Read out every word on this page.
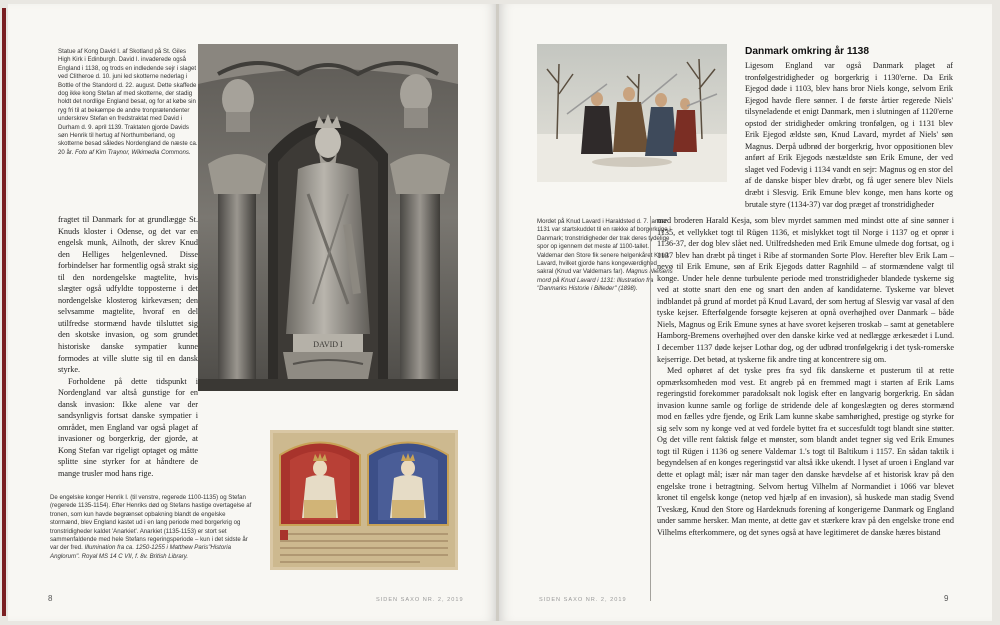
Statue af Kong David I. af Skotland på St. Giles High Kirk i Edinburgh. David I. invaderede også England i 1138, og trods en indledende sejr i slaget ved Clitheroe d. 10. juni led skotterne nederlag i Bottle of the Standord d. 22. august. Dette skaffede dog ikke kong Stefan af med skotterne, der stadig holdt det nordlige England besat, og for at købe sin ryg fri til at bekæmpe de andre tronprætendenter underskrev Stefan en fredstraktat med David i Durham d. 9. april 1139. Traktaten gjorde Davids søn Henrik til hertug af Northumberland, og skotterne besad således Nordengland de næste ca. 20 år. Foto af Kim Traynor, Wikimedia Commons.
DAVID I

fragtet til Danmark for at grundlægge St. Knuds kloster i Odense, og det var en engelsk munk, Ailnoth, der skrev Knud den Helliges helgenlevned. Disse forbindelser har formentlig også strakt sig til den nordengelske magtelite, hvis slægter også udfyldte topposterne i det nordengelske klosterog kirkevæsen; den selvsamme magtelite, hvoraf en del utilfredse stormænd havde tilsluttet sig den skotske invasion, og som grundet historiske danske sympatier kunne formodes at ville slutte sig til en dansk styrke.

Forholdene på dette tidspunkt i Nordengland var altså gunstige for en dansk invasion: Ikke alene var der sandsynligvis fortsat danske sympatier i området, men England var også plaget af invasioner og borgerkrig, der gjorde, at Kong Stefan var rigeligt optaget og måtte splitte sine styrker for at håndtere de mange trusler mod hans rige.

De engelske konger Henrik I. (til venstre, regerede 1100-1135) og Stefan (regerede 1135-1154). Efter Henriks død og Stefans hastige overtagelse af tronen, som kun havde begrænset opbakning blandt de engelske stormænd, blev England kastet ud i en lang periode med borgerkrig og tronstridigheder kaldet 'Anarkiet'. Anarkiet (1135-1153) er stort set sammenfaldende med hele Stefans regeringsperiode – kun i det sidste år var der fred. Illumination fra ca. 1250-1255 i Matthew Paris"Historia Anglorum". Royal MS 14 C VII, f. 8v. British Library.
8	SIDEN SAXO NR. 2, 2019
Danmark omkring år 1138

Ligesom England var også Danmark plaget af tronfølgestridigheder og borgerkrig i 1130'erne. Da Erik Ejegod døde i 1103, blev hans bror Niels konge, selvom Erik Ejegod havde flere sønner. I de første årtier regerede Niels' tilsyneladende et enigt Danmark, men i slutningen af 1120'erne opstod der stridigheder omkring tronfølgen, og i 1131 blev Erik Ejegod ældste søn, Knud Lavard, myrdet af Niels' søn Magnus. Derpå udbrød der borgerkrig, hvor oppositionen blev anført af Erik Ejegods næstældste søn Erik Emune, der ved slaget ved Fodevig i 1134 vandt en sejr: Magnus og en stor del af de danske bisper blev dræbt, og få uger senere blev Niels dræbt i Slesvig. Erik Emune blev konge, men hans korte og brutale styre (1134-37) var dog præget af tronstridigheder

Mordet på Knud Lavard i Haraldsted d. 7. januar 1131 var startskuddet til en række af borgerkrige i Danmark; tronstridigheder der trak deres tydelige spor op igennem det meste af 1100-tallet. Valdemar den Store fik senere helgenkåret Knud Lavard, hvilket gjorde hans kongeværdighed sakral (Knud var Valdemars far). Magnus Nielsens mord på Knud Lavard i 1131: Illustration fra "Danmarks Historie i Billeder" (1898).

med broderen Harald Kesja, som blev myrdet sammen med mindst otte af sine sønner i 1135, et vellykket togt til Rügen 1136, et mislykket togt til Norge i 1137 og et oprør i 1136-37, der dog blev slået ned. Utilfredsheden med Erik Emune ulmede dog fortsat, og i 1137 blev han dræbt på tinget i Ribe af stormanden Sorte Plov. Herefter blev Erik Lam – nevø til Erik Emune, søn af Erik Ejegods datter Ragnhild – af stormændene valgt til konge. Under hele denne turbulente periode med tronstridigheder blandede tyskerne sig ved at stotte snart den ene og snart den anden af kandidaterne. Tyskerne var blevet indblandet på grund af mordet på Knud Lavard, der som hertug af Slesvig var vasal af den tyske kejser. Efterfølgende forsøgte kejseren at opnå overhøjhed over Danmark – både Niels, Magnus og Erik Emune synes at have svoret kejseren troskab – samt at genetablere Hamborg-Bremens overhøjhed over den danske kirke ved at nedlægge ærkesædet i Lund. I december 1137 døde kejser Lothar dog, og der udbrød tronfølgekrig i det tysk-romerske kejserrige. Det betød, at tyskerne fik andre ting at koncentrere sig om.

Med ophøret af det tyske pres fra syd fik danskerne et pusterum til at rette opmærksomheden mod vest. Et angreb på en fremmed magt i starten af Erik Lams regeringstid forekommer paradoksalt nok logisk efter en langvarig borgerkrig. En sådan invasion kunne samle og forlige de stridende dele af kongeslægten og deres stormænd mod en fælles ydre fjende, og Erik Lam kunne skabe samhørighed, prestige og styrke for sig selv som ny konge ved at ved fordele byttet fra et succesfuldt togt blandt sine støtter. Og det ville rent faktisk følge et mønster, som blandt andet tegner sig ved Erik Emunes togt til Rügen i 1136 og senere Valdemar 1.'s togt til Baltikum i 1157. En sådan taktik i begyndelsen af en konges regeringstid var altså ikke ukendt. I lyset af uroen i England var dette et oplagt mål; især når man tager den danske hævdelse af et historisk krav på den engelske trone i betragtning. Selvom hertug Vilhelm af Normandiet i 1066 var blevet kronet til engelsk konge (netop ved hjælp af en invasion), så huskede man stadig Svend Tveskæg, Knud den Store og Hardeknuds forening af kongerigerne Danmark og England under samme hersker. Man mente, at dette gav et stærkere krav på den engelske trone end Vilhelms efterkommere, og det synes også at have legitimeret de danske hæres bistand

SIDEN SAXO NR. 2, 2019	9
